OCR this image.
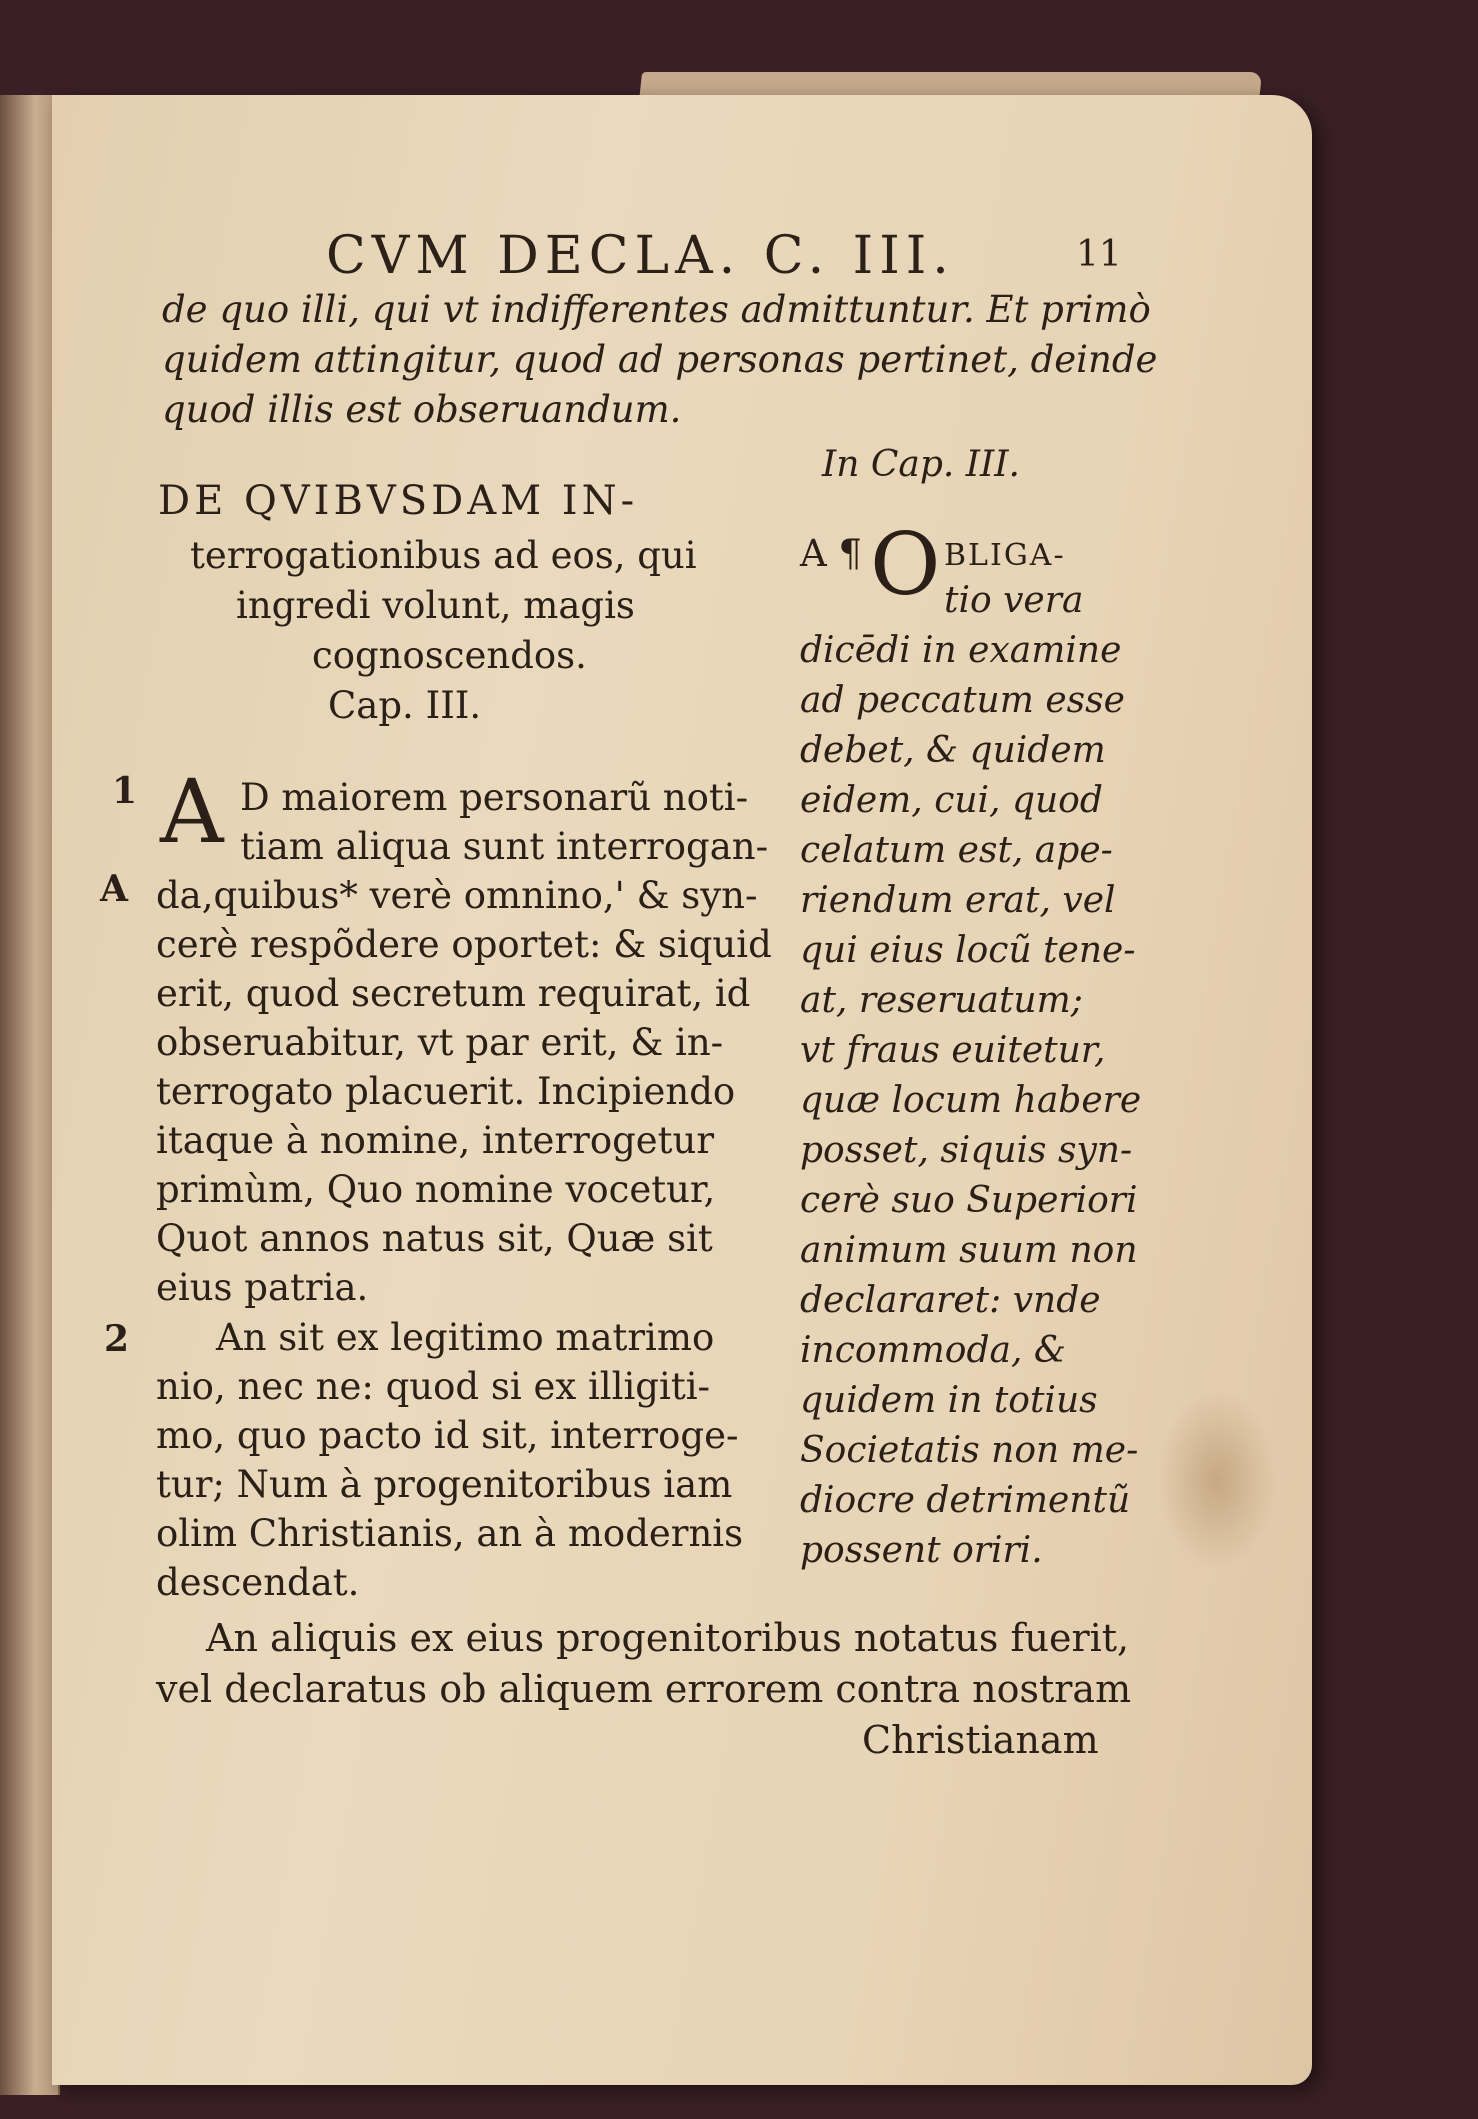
CVM DECLA. C. III.	11
de quo illi, qui vt indifferentes admittuntur. Et primò
quidem attingitur, quod ad personas pertinet, deinde
quod illis est obseruandum.
DE QVIBVSDAM IN-
terrogationibus ad eos, qui
ingredi volunt, magis
cognoscendos.
Cap. III.
1
A
A D maiorem personarũ noti-
tiam aliqua sunt interrogan-
da,quibus* verè omnino,' & syn-
cerè respõdere oportet: & siquid
erit, quod secretum requirat, id
obseruabitur, vt par erit, & in-
terrogato placuerit. Incipiendo
itaque à nomine, interrogetur
primùm, Quo nomine vocetur,
Quot annos natus sit, Quæ sit
eius patria.
2 An sit ex legitimo matrimo
nio, nec ne: quod si ex illigiti-
mo, quo pacto id sit, interroge-
tur; Num à progenitoribus iam
olim Christianis, an à modernis
descendat.
An aliquis ex eius progenitoribus notatus fuerit,
vel declaratus ob aliquem errorem contra nostram
Christianam
In Cap. III.
A ¶ O BLIGA-
tio vera
dicēdi in examine
ad peccatum esse
debet, & quidem
eidem, cui, quod
celatum est, ape-
riendum erat, vel
qui eius locũ tene-
at, reseruatum;
vt fraus euitetur,
quæ locum habere
posset, siquis syn-
cerè suo Superiori
animum suum non
declararet: vnde
incommoda, &
quidem in totius
Societatis non me-
diocre detrimentũ
possent oriri.
